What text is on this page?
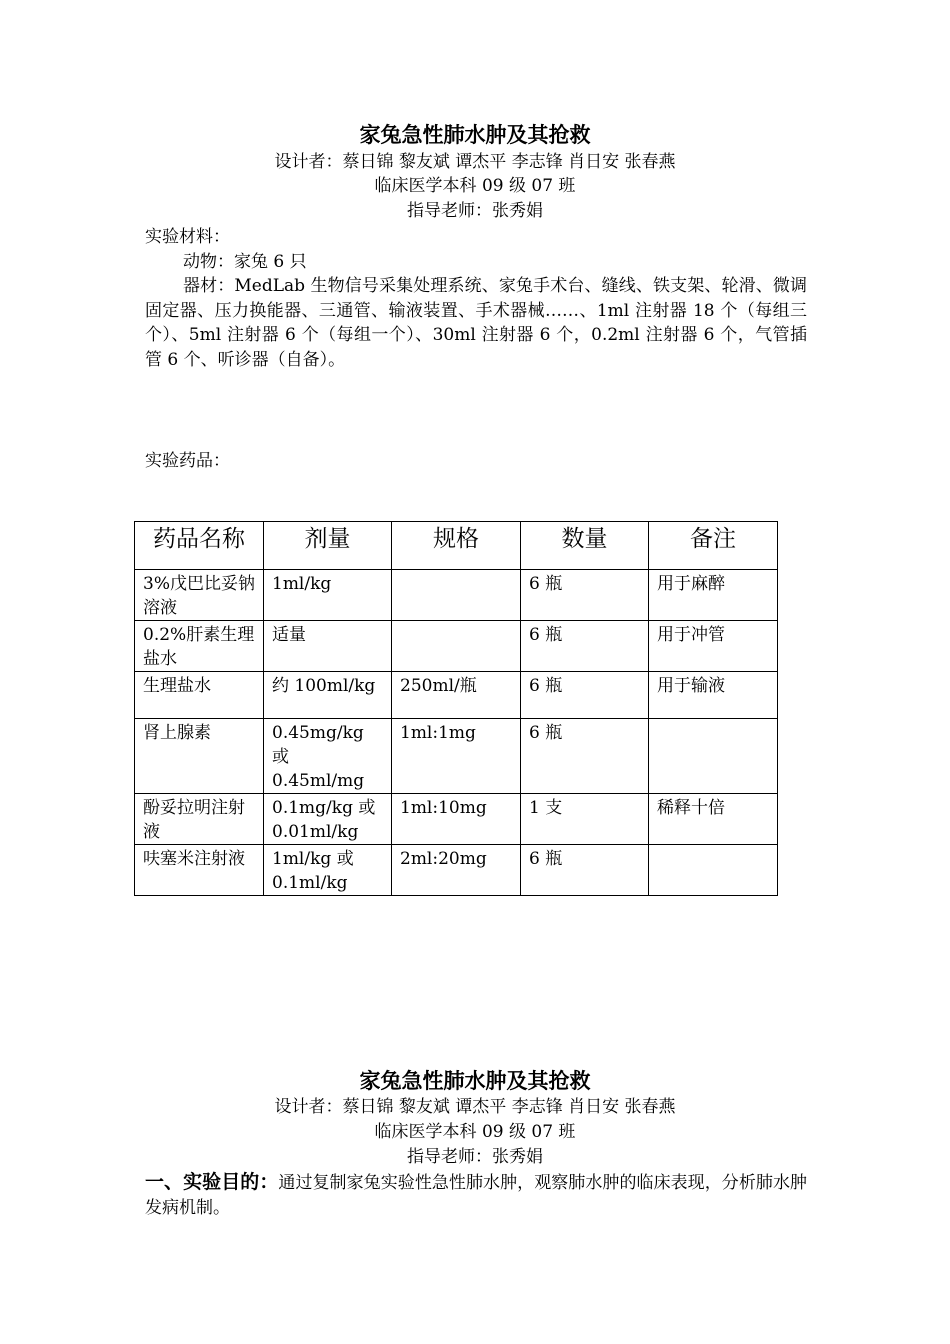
家兔急性肺水肿及其抢救
设计者：蔡日锦 黎友斌 谭杰平 李志锋 肖日安 张春燕
临床医学本科 09 级 07 班
指导老师：张秀娟
实验材料：
动物：家兔 6 只
器材：MedLab 生物信号采集处理系统、家兔手术台、缝线、铁支架、轮滑、微调固定器、压力换能器、三通管、输液装置、手术器械……、1ml 注射器 18 个（每组三个）、5ml 注射器 6 个（每组一个）、30ml 注射器 6 个，0.2ml 注射器 6 个，气管插管 6 个、听诊器（自备）。
实验药品：
药品名称	剂量	规格	数量	备注
3%戊巴比妥钠溶液	1ml/kg		6 瓶	用于麻醉
0.2%肝素生理盐水	适量		6 瓶	用于冲管
生理盐水	约 100ml/kg	250ml/瓶	6 瓶	用于输液
肾上腺素	0.45mg/kg 或 0.45ml/mg	1ml:1mg	6 瓶	
酚妥拉明注射液	0.1mg/kg 或 0.01ml/kg	1ml:10mg	1 支	稀释十倍
呋塞米注射液	1ml/kg 或 0.1ml/kg	2ml:20mg	6 瓶	
家兔急性肺水肿及其抢救
设计者：蔡日锦 黎友斌 谭杰平 李志锋 肖日安 张春燕
临床医学本科 09 级 07 班
指导老师：张秀娟
一、实验目的：通过复制家兔实验性急性肺水肿，观察肺水肿的临床表现，分析肺水肿发病机制。
